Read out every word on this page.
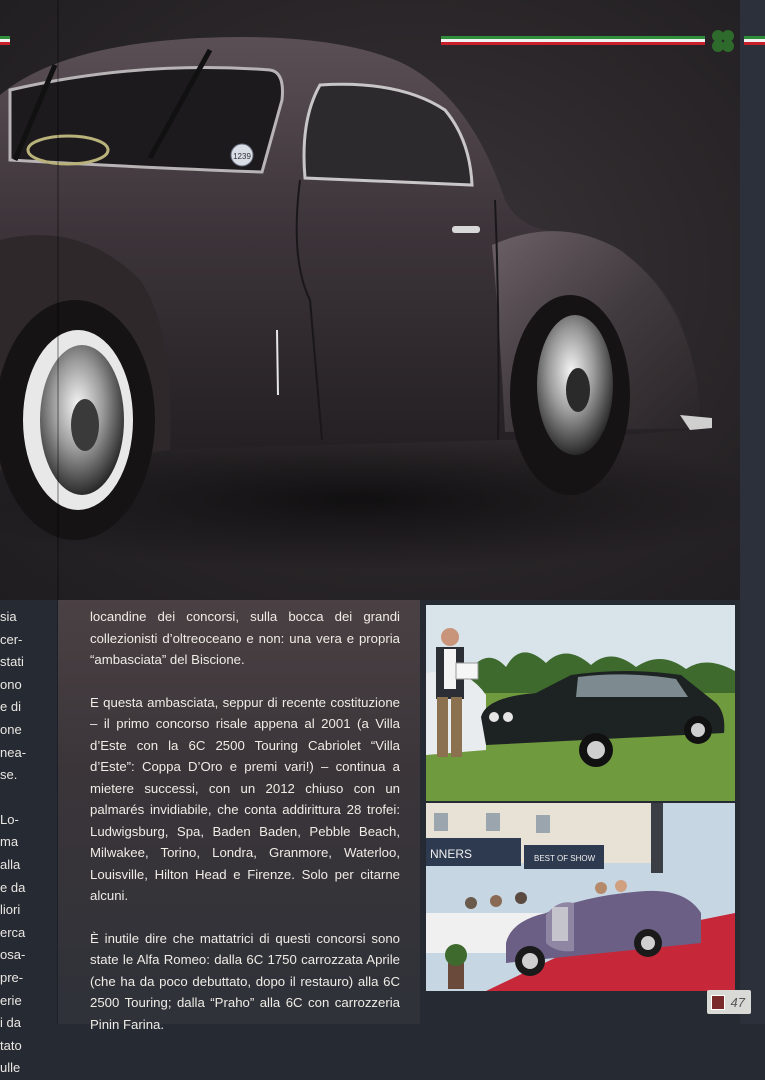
1239
sia
cer-
stati
ono
e di
one
nea-
se.
Lo-
ma
alla
e da
liori
erca
osa-
pre-
erie
i da
tato
ulle

locandine dei concorsi, sulla bocca dei grandi collezionisti d’oltreoceano e non: una vera e propria “ambasciata” del Biscione.

E questa ambasciata, seppur di recente costituzione – il primo concorso risale appena al 2001 (a Villa d’Este con la 6C 2500 Touring Cabriolet “Villa d’Este”: Coppa D’Oro e premi vari!) – continua a mietere successi, con un 2012 chiuso con un palmarés invidiabile, che conta addirittura 28 trofei: Ludwigsburg, Spa, Baden Baden, Pebble Beach, Milwakee, Torino, Londra, Granmore, Waterloo, Louisville, Hilton Head e Firenze. Solo per citarne alcuni.

È inutile dire che mattatrici di questi concorsi sono state le Alfa Romeo: dalla 6C 1750 carrozzata Aprile (che ha da poco debuttato, dopo il restauro) alla 6C 2500 Touring; dalla “Praho” alla 6C con carrozzeria Pinin Farina.

NNERS	BEST OF SHOW
47
